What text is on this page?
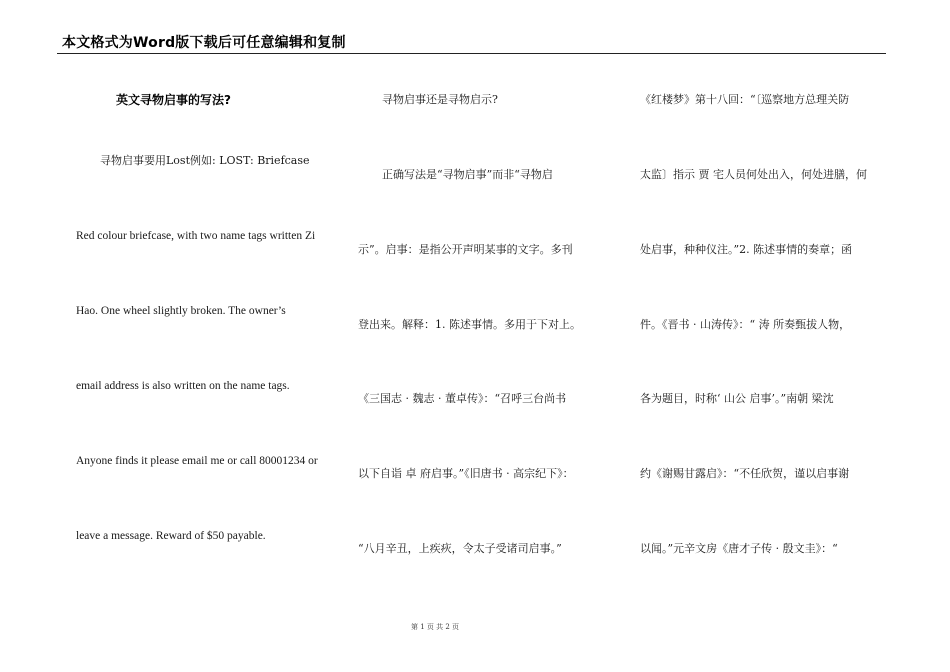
本文格式为Word版下载后可任意编辑和复制
英文寻物启事的写法?
寻物启事要用Lost例如: LOST: Briefcase
Red colour briefcase, with two name tags written Zi
Hao. One wheel slightly broken. The owner’s
email address is also written on the name tags.
Anyone finds it please email me or call 80001234 or
leave a message. Reward of $50 payable.
寻物启事还是寻物启示?
正确写法是“寻物启事”而非“寻物启
示”。启事：是指公开声明某事的文字。多刊
登出来。解释：1. 陈述事情。多用于下对上。
《三国志 · 魏志 · 董卓传》：“召呼三台尚书
以下自诣 卓 府启事。”《旧唐书 · 高宗纪下》：
“八月辛丑，上疾疢，令太子受诸司启事。”
《红楼梦》第十八回：“〔巡察地方总理关防
太监〕指示 贾 宅人员何处出入，何处进膳，何
处启事，种种仪注。”2. 陈述事情的奏章；函
件。《晋书 · 山涛传》：“ 涛 所奏甄拔人物，
各为题目，时称‘ 山公 启事’。”南朝 梁沈
约《谢赐甘露启》：“不任欣贺，谨以启事谢
以闻。”元辛文房《唐才子传 · 殷文圭》：“
第 1 页 共 2 页
